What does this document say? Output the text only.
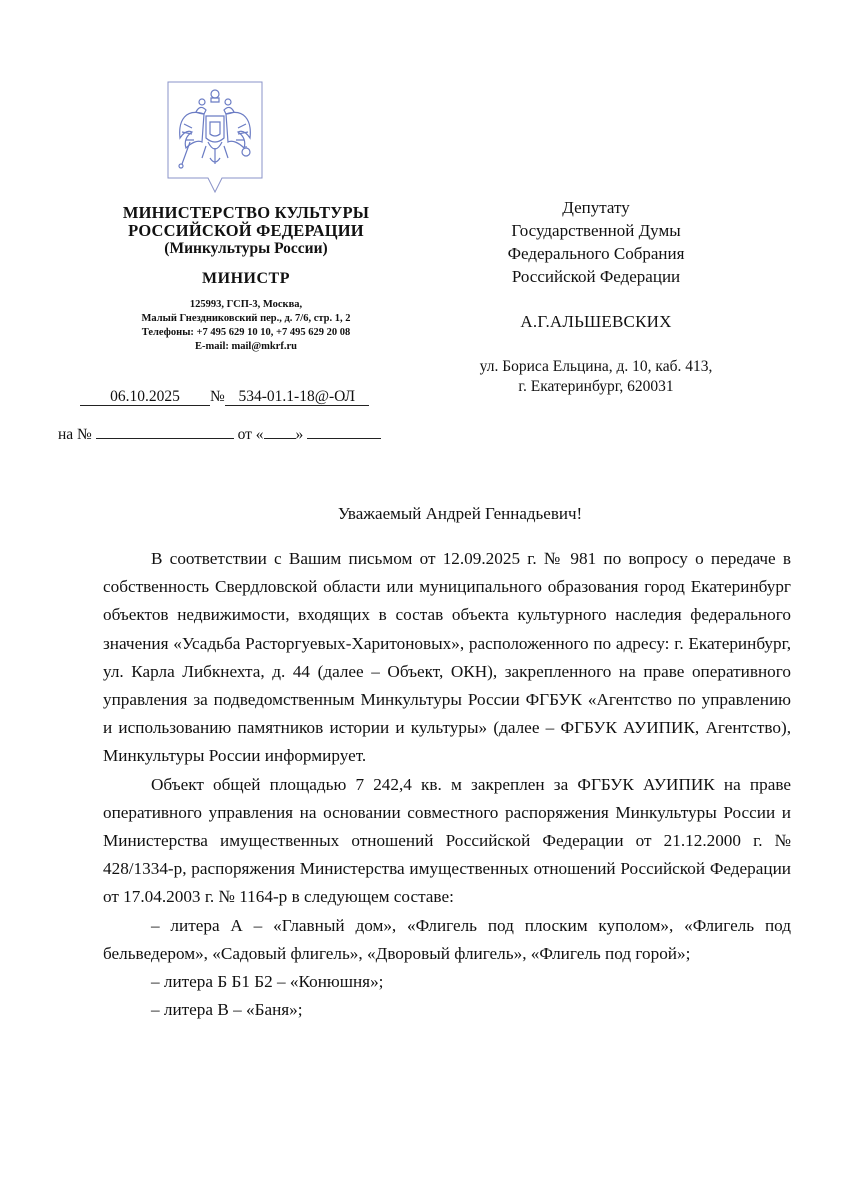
МИНИСТЕРСТВО КУЛЬТУРЫ
РОССИЙСКОЙ ФЕДЕРАЦИИ
(Минкультуры России)
МИНИСТР
125993, ГСП-3, Москва,
Малый Гнездниковский пер., д. 7/6, стр. 1, 2
Телефоны: +7 495 629 10 10, +7 495 629 20 08
E-mail: mail@mkrf.ru
06.10.2025 № 534-01.1-18@-ОЛ
на №	от « »
Депутату
Государственной Думы
Федерального Собрания
Российской Федерации
А.Г.АЛЬШЕВСКИХ
ул. Бориса Ельцина, д. 10, каб. 413,
г. Екатеринбург, 620031
Уважаемый Андрей Геннадьевич!

В соответствии с Вашим письмом от 12.09.2025 г. № 981 по вопросу о передаче в собственность Свердловской области или муниципального образования город Екатеринбург объектов недвижимости, входящих в состав объекта культурного наследия федерального значения «Усадьба Расторгуевых-Харитоновых», расположенного по адресу: г. Екатеринбург, ул. Карла Либкнехта, д. 44 (далее – Объект, ОКН), закрепленного на праве оперативного управления за подведомственным Минкультуры России ФГБУК «Агентство по управлению и использованию памятников истории и культуры» (далее – ФГБУК АУИПИК, Агентство), Минкультуры России информирует.

Объект общей площадью 7 242,4 кв. м закреплен за ФГБУК АУИПИК на праве оперативного управления на основании совместного распоряжения Минкультуры России и Министерства имущественных отношений Российской Федерации от 21.12.2000 г. № 428/1334-р, распоряжения Министерства имущественных отношений Российской Федерации от 17.04.2003 г. № 1164-р в следующем составе:

– литера А – «Главный дом», «Флигель под плоским куполом», «Флигель под бельведером», «Садовый флигель», «Дворовый флигель», «Флигель под горой»;

– литера Б Б1 Б2 – «Конюшня»;

– литера В – «Баня»;
